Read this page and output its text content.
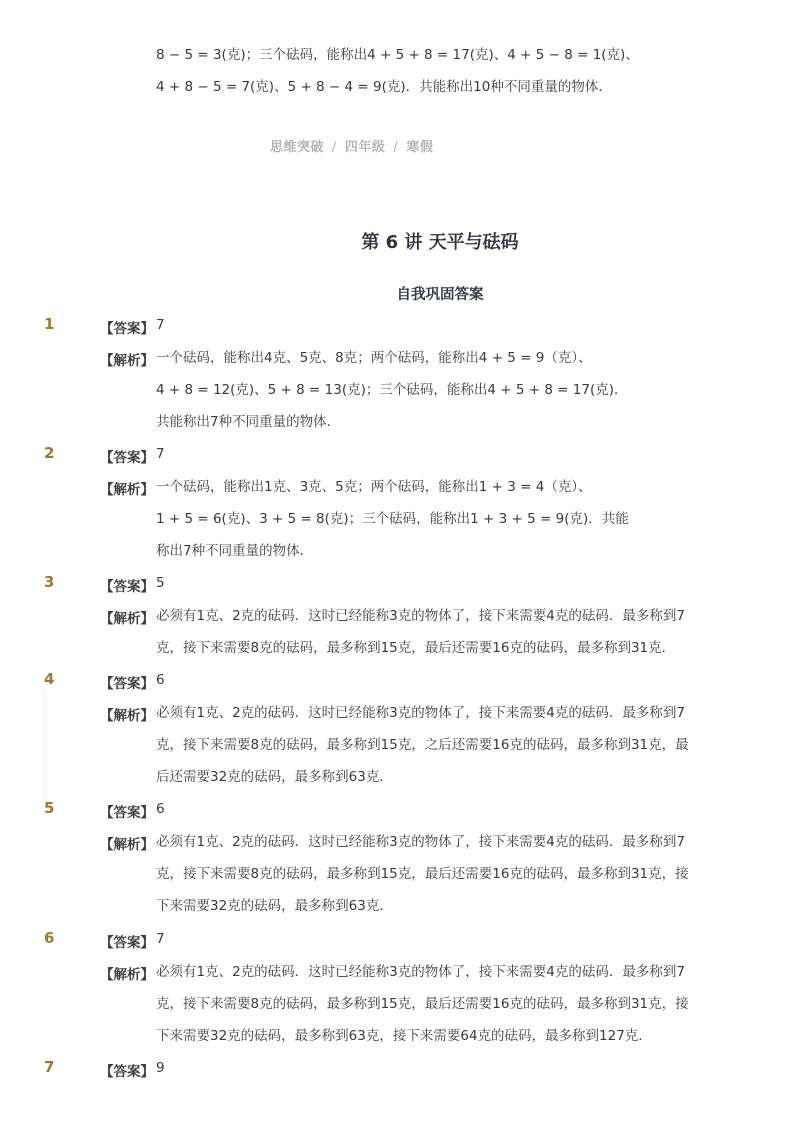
8 − 5 = 3(克)；三个砝码，能称出4 + 5 + 8 = 17(克)、4 + 5 − 8 = 1(克)、
4 + 8 − 5 = 7(克)、5 + 8 − 4 = 9(克)．共能称出10种不同重量的物体．
思维突破 / 四年级 / 寒假
第 6 讲 天平与砝码
自我巩固答案
1	【答案】 7
【解析】 一个砝码，能称出4克、5克、8克；两个砝码，能称出4 + 5 = 9（克）、
4 + 8 = 12(克)、5 + 8 = 13(克)；三个砝码，能称出4 + 5 + 8 = 17(克)．
共能称出7种不同重量的物体．
2	【答案】 7
【解析】 一个砝码，能称出1克、3克、5克；两个砝码，能称出1 + 3 = 4（克）、
1 + 5 = 6(克)、3 + 5 = 8(克)；三个砝码，能称出1 + 3 + 5 = 9(克)．共能
称出7种不同重量的物体．
3	【答案】 5
【解析】 必须有1克、2克的砝码．这时已经能称3克的物体了，接下来需要4克的砝码．最多称到7
克，接下来需要8克的砝码，最多称到15克，最后还需要16克的砝码，最多称到31克．
4	【答案】 6
【解析】 必须有1克、2克的砝码．这时已经能称3克的物体了，接下来需要4克的砝码．最多称到7
克，接下来需要8克的砝码，最多称到15克，之后还需要16克的砝码，最多称到31克，最
后还需要32克的砝码，最多称到63克．
5	【答案】 6
【解析】 必须有1克、2克的砝码．这时已经能称3克的物体了，接下来需要4克的砝码．最多称到7
克，接下来需要8克的砝码，最多称到15克，最后还需要16克的砝码，最多称到31克，接
下来需要32克的砝码，最多称到63克．
6	【答案】 7
【解析】 必须有1克、2克的砝码．这时已经能称3克的物体了，接下来需要4克的砝码．最多称到7
克，接下来需要8克的砝码，最多称到15克，最后还需要16克的砝码，最多称到31克，接
下来需要32克的砝码，最多称到63克，接下来需要64克的砝码，最多称到127克．
7	【答案】 9
